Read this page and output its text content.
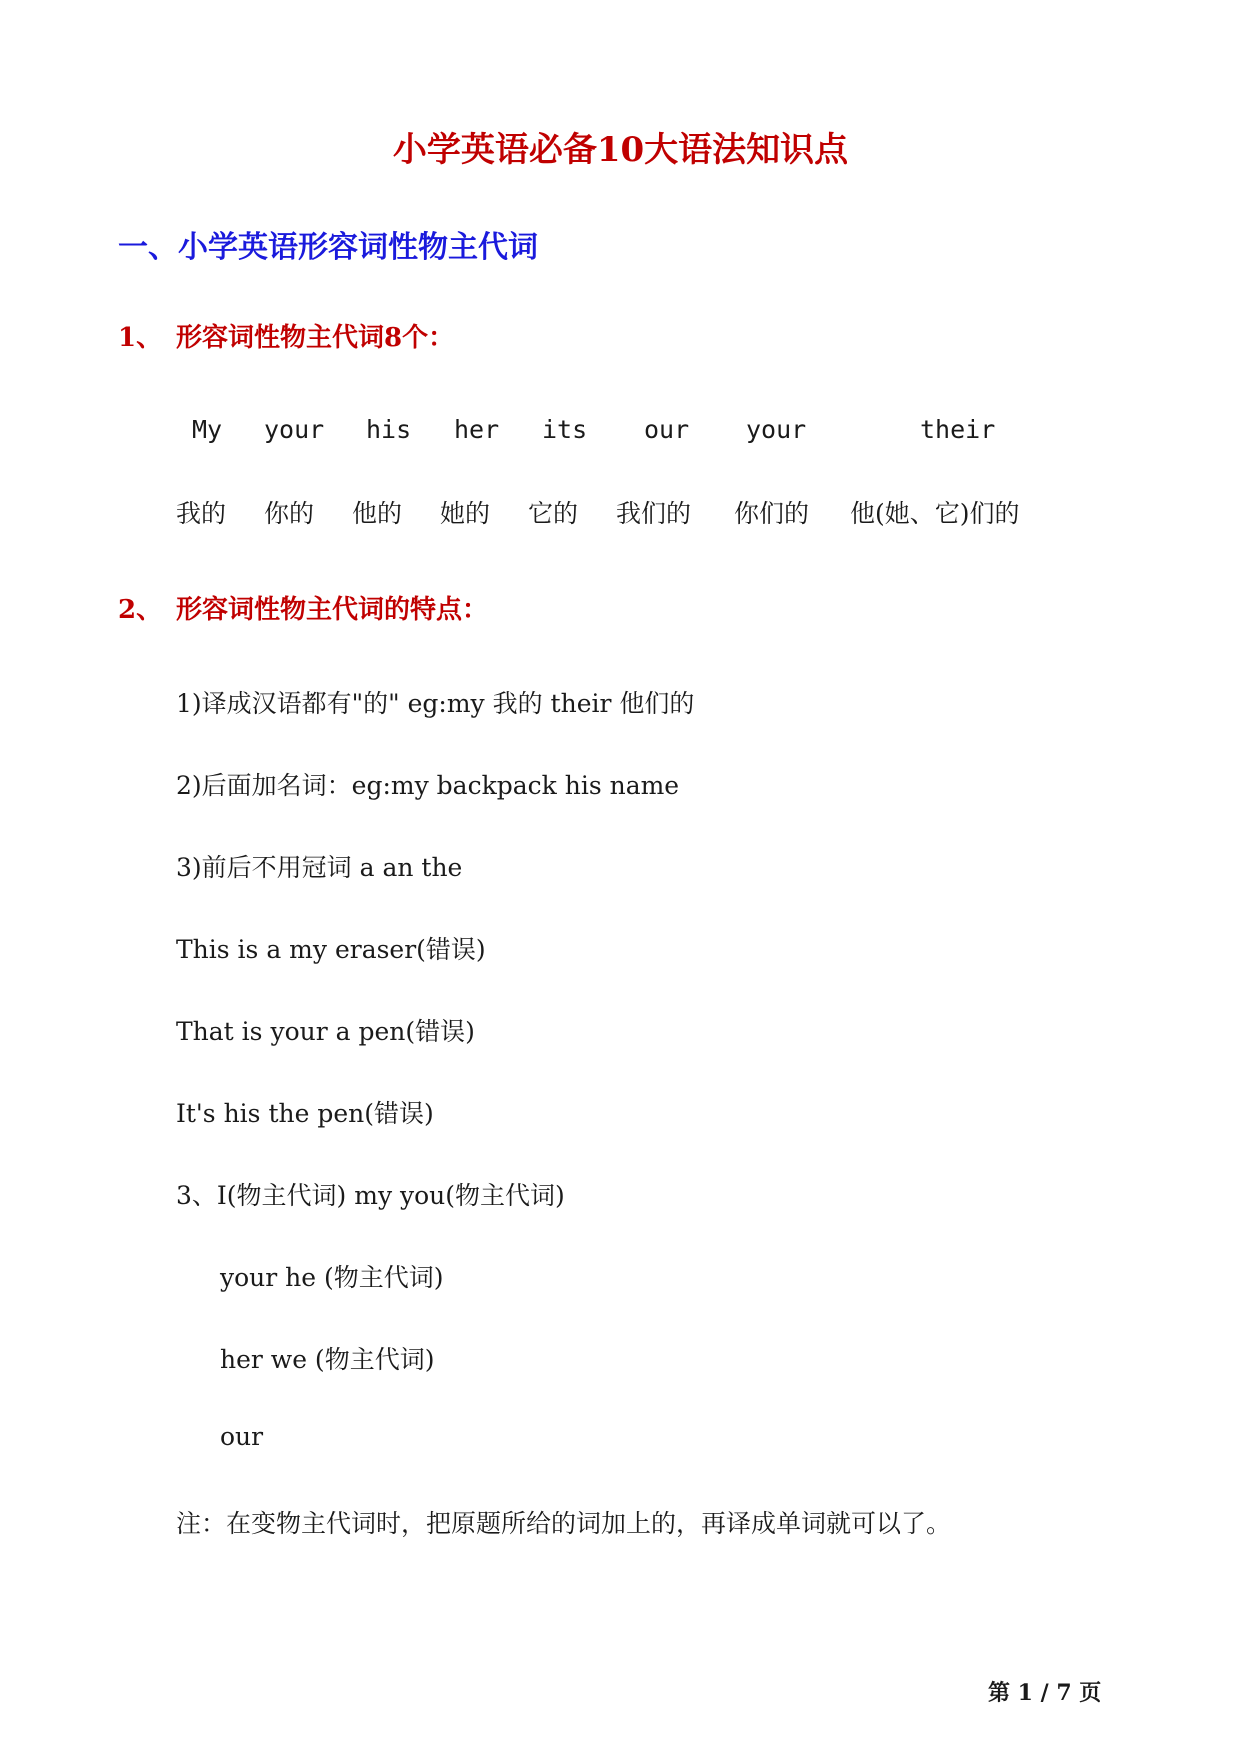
小学英语必备10大语法知识点
一、小学英语形容词性物主代词
1、 形容词性物主代词8个：
My your his her its our your	their
我的 你的 他的 她的 它的 我们的 你们的 他(她、它)们的
2、 形容词性物主代词的特点：
1)译成汉语都有"的" eg:my 我的 their 他们的
2)后面加名词：eg:my backpack his name
3)前后不用冠词 a an the
This is a my eraser(错误)
That is your a pen(错误)
It's his the pen(错误)
3、I(物主代词) my you(物主代词)
your he (物主代词)
her we (物主代词)
our
注：在变物主代词时，把原题所给的词加上的，再译成单词就可以了。
第 1 / 7 页
